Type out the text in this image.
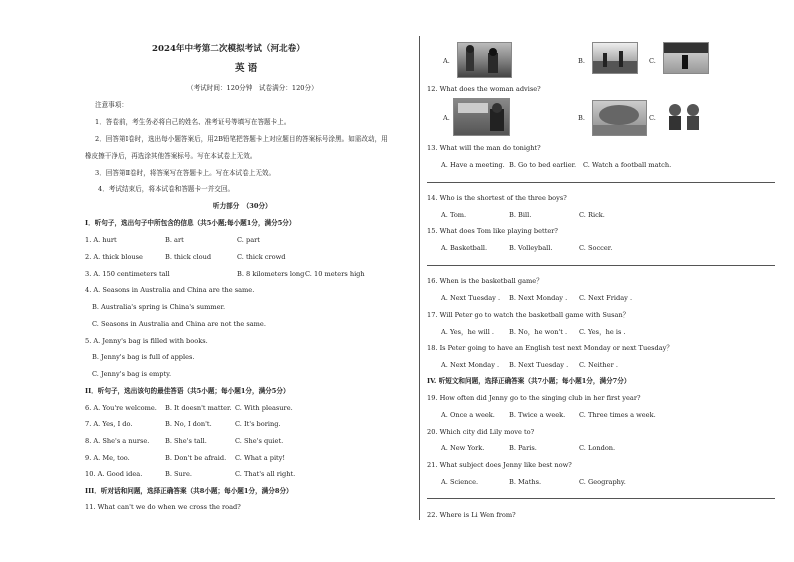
2024年中考第二次模拟考试（河北卷）
英 语
（考试时间：120分钟　试卷满分：120分）
注意事项：
1．答卷前，考生务必将自己的姓名、准考证号等填写在答题卡上。
2．回答第Ⅰ卷时，选出每小题答案后，用2B铅笔把答题卡上对应题目的答案标号涂黑。如需改动，用
橡皮擦干净后，再选涂其他答案标号。写在本试卷上无效。
3．回答第Ⅱ卷时，将答案写在答题卡上。写在本试卷上无效。
4．考试结束后，将本试卷和答题卡一并交回。
听力部分　（30分）
I．听句子，选出句子中所包含的信息（共5小题;每小题1分，满分5分）
1. A. hurt	B. art	C. part
2. A. thick blouse	B. thick cloud	C. thick crowd
3. A. 150 centimeters tall	B. 8 kilometers long C. 10 meters high
4. A. Seasons in Australia and China are the same.
B. Australia's spring is China's summer.
C. Seasons in Australia and China are not the same.
5. A. Jenny's bag is filled with books.
B. Jenny's bag is full of apples.
C. Jenny's bag is empty.
II．听句子，选出该句的最佳答语（共5小题；每小题1分，满分5分）
6. A. You're welcome. B. It doesn't matter. C. With pleasure.
7. A. Yes, I do.	B. No, I don't.	C. It's boring.
8. A. She's a nurse. B. She's tall.	C. She's quiet.
9. A. Me, too.	B. Don't be afraid. C. What a pity!
10. A. Good idea.	B. Sure.	C. That's all right.
III．听对话和问题，选择正确答案（共8小题；每小题1分，满分8分）
11. What can't we do when we cross the road?
A.	B.	C.
12. What does the woman advise?
A.	B.	C.
13. What will the man do tonight?
A. Have a meeting. B. Go to bed earlier. C. Watch a football match.
14. Who is the shortest of the three boys?
A. Tom.	B. Bill.	C. Rick.
15. What does Tom like playing better?
A. Basketball.	B. Volleyball.	C. Soccer.
16. When is the basketball game？
A. Next Tuesday . B. Next Monday . C. Next Friday .
17. Will Peter go to watch the basketball game with Susan？
A. Yes，he will . B. No，he won't . C. Yes，he is .
18. Is Peter going to have an English test next Monday or next Tuesday？
A. Next Monday . B. Next Tuesday . C. Neither .
IV. 听短文和问题，选择正确答案（共7小题；每小题1分，满分7分）
19. How often did Jenny go to the singing club in her first year?
A. Once a week. B. Twice a week. C. Three times a week.
20. Which city did Lily move to?
A. New York.	B. Paris.	C. London.
21. What subject does Jenny like best now?
A. Science.	B. Maths.	C. Geography.
22. Where is Li Wen from?
